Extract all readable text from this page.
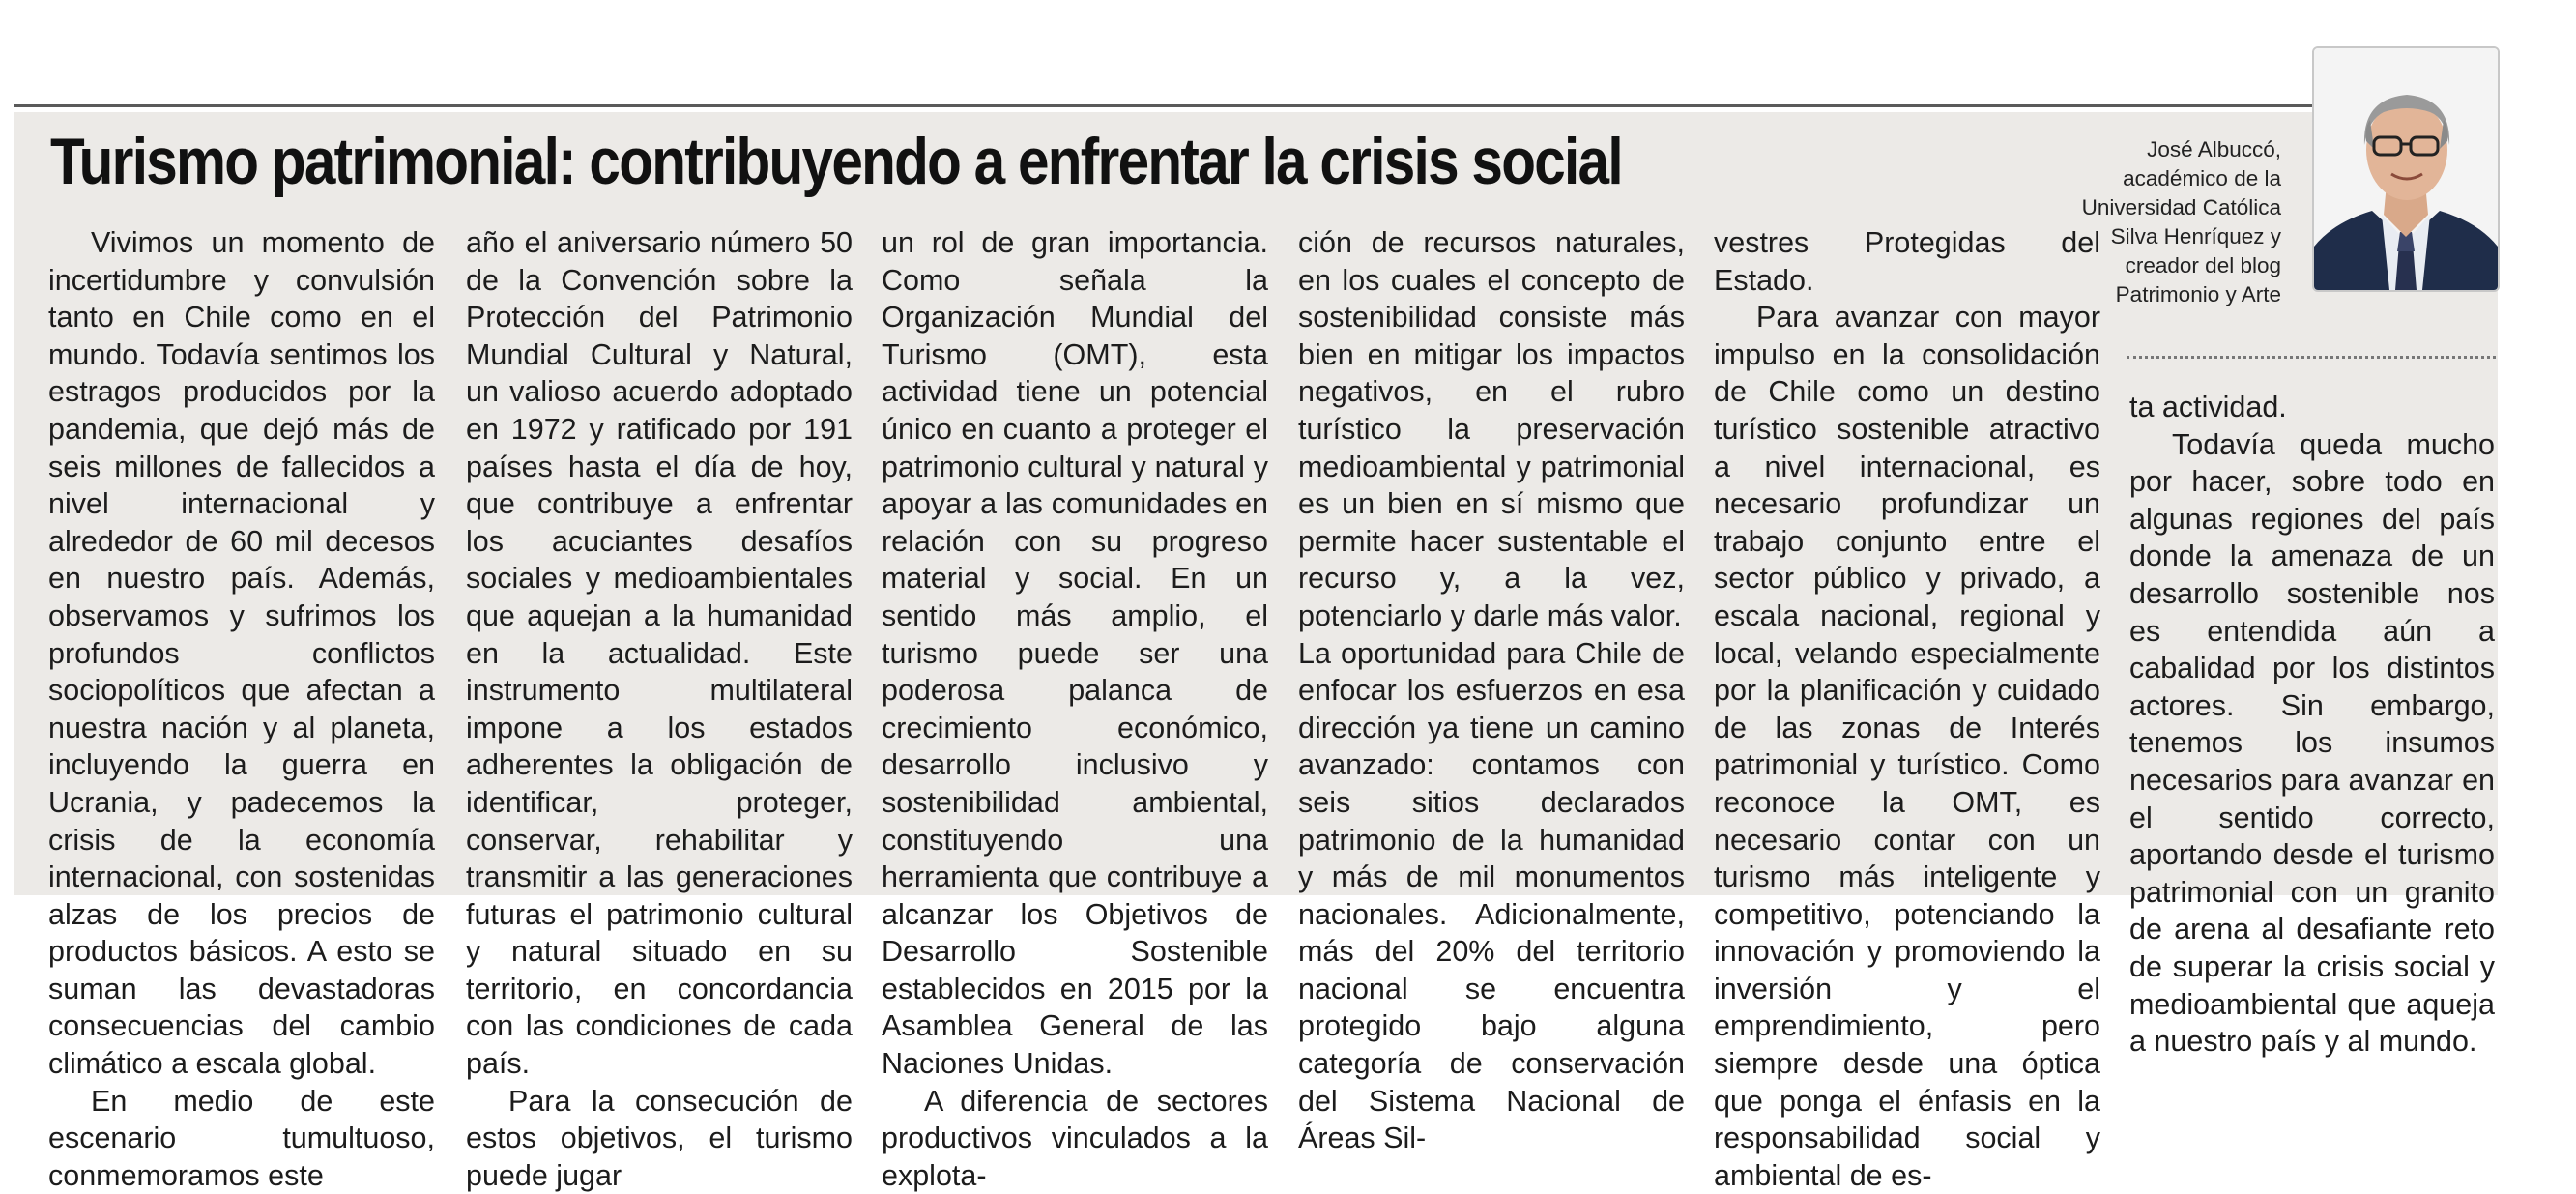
Turismo patrimonial: contribuyendo a enfrentar la crisis social	José Albuccó,
académico de la
Universidad Católica
Silva Henríquez y
creador del blog
Patrimonio y Arte

Vivimos un momento de incertidumbre y convulsión tanto en Chile como en el mundo. Todavía sentimos los estragos producidos por la pandemia, que dejó más de seis millones de fallecidos a nivel internacional y alrededor de 60 mil decesos en nuestro país. Además, observamos y sufrimos los profundos conflictos sociopolíticos que afectan a nuestra nación y al planeta, incluyendo la guerra en Ucrania, y padecemos la crisis de la economía internacional, con sostenidas alzas de los precios de productos básicos. A esto se suman las devastadoras consecuencias del cambio climático a escala global.

En medio de este escenario tumultuoso, conmemoramos este

año el aniversario número 50 de la Convención sobre la Protección del Patrimonio Mundial Cultural y Natural, un valioso acuerdo adoptado en 1972 y ratificado por 191 países hasta el día de hoy, que contribuye a enfrentar los acuciantes desafíos sociales y medioambientales que aquejan a la humanidad en la actualidad. Este instrumento multilateral impone a los estados adherentes la obligación de identificar, proteger, conservar, rehabilitar y transmitir a las generaciones futuras el patrimonio cultural y natural situado en su territorio, en concordancia con las condiciones de cada país.

Para la consecución de estos objetivos, el turismo puede jugar

un rol de gran importancia. Como señala la Organización Mundial del Turismo (OMT), esta actividad tiene un potencial único en cuanto a proteger el patrimonio cultural y natural y apoyar a las comunidades en relación con su progreso material y social. En un sentido más amplio, el turismo puede ser una poderosa palanca de crecimiento económico, desarrollo inclusivo y sostenibilidad ambiental, constituyendo una herramienta que contribuye a alcanzar los Objetivos de Desarrollo Sostenible establecidos en 2015 por la Asamblea General de las Naciones Unidas.

A diferencia de sectores productivos vinculados a la explota-

ción de recursos naturales, en los cuales el concepto de sostenibilidad consiste más bien en mitigar los impactos negativos, en el rubro turístico la preservación medioambiental y patrimonial es un bien en sí mismo que permite hacer sustentable el recurso y, a la vez, potenciarlo y darle más valor.

La oportunidad para Chile de enfocar los esfuerzos en esa dirección ya tiene un camino avanzado: contamos con seis sitios declarados patrimonio de la humanidad y más de mil monumentos nacionales. Adicionalmente, más del 20% del territorio nacional se encuentra protegido bajo alguna categoría de conservación del Sistema Nacional de Áreas Sil-

vestres Protegidas del Estado.

Para avanzar con mayor impulso en la consolidación de Chile como un destino turístico sostenible atractivo a nivel internacional, es necesario profundizar un trabajo conjunto entre el sector público y privado, a escala nacional, regional y local, velando especialmente por la planificación y cuidado de las zonas de Interés patrimonial y turístico. Como reconoce la OMT, es necesario contar con un turismo más inteligente y competitivo, potenciando la innovación y promoviendo la inversión y el emprendimiento, pero siempre desde una óptica que ponga el énfasis en la responsabilidad social y ambiental de es-

ta actividad.

Todavía queda mucho por hacer, sobre todo en algunas regiones del país donde la amenaza de un desarrollo sostenible nos es entendida aún a cabalidad por los distintos actores. Sin embargo, tenemos los insumos necesarios para avanzar en el sentido correcto, aportando desde el turismo patrimonial con un granito de arena al desafiante reto de superar la crisis social y medioambiental que aqueja a nuestro país y al mundo.
